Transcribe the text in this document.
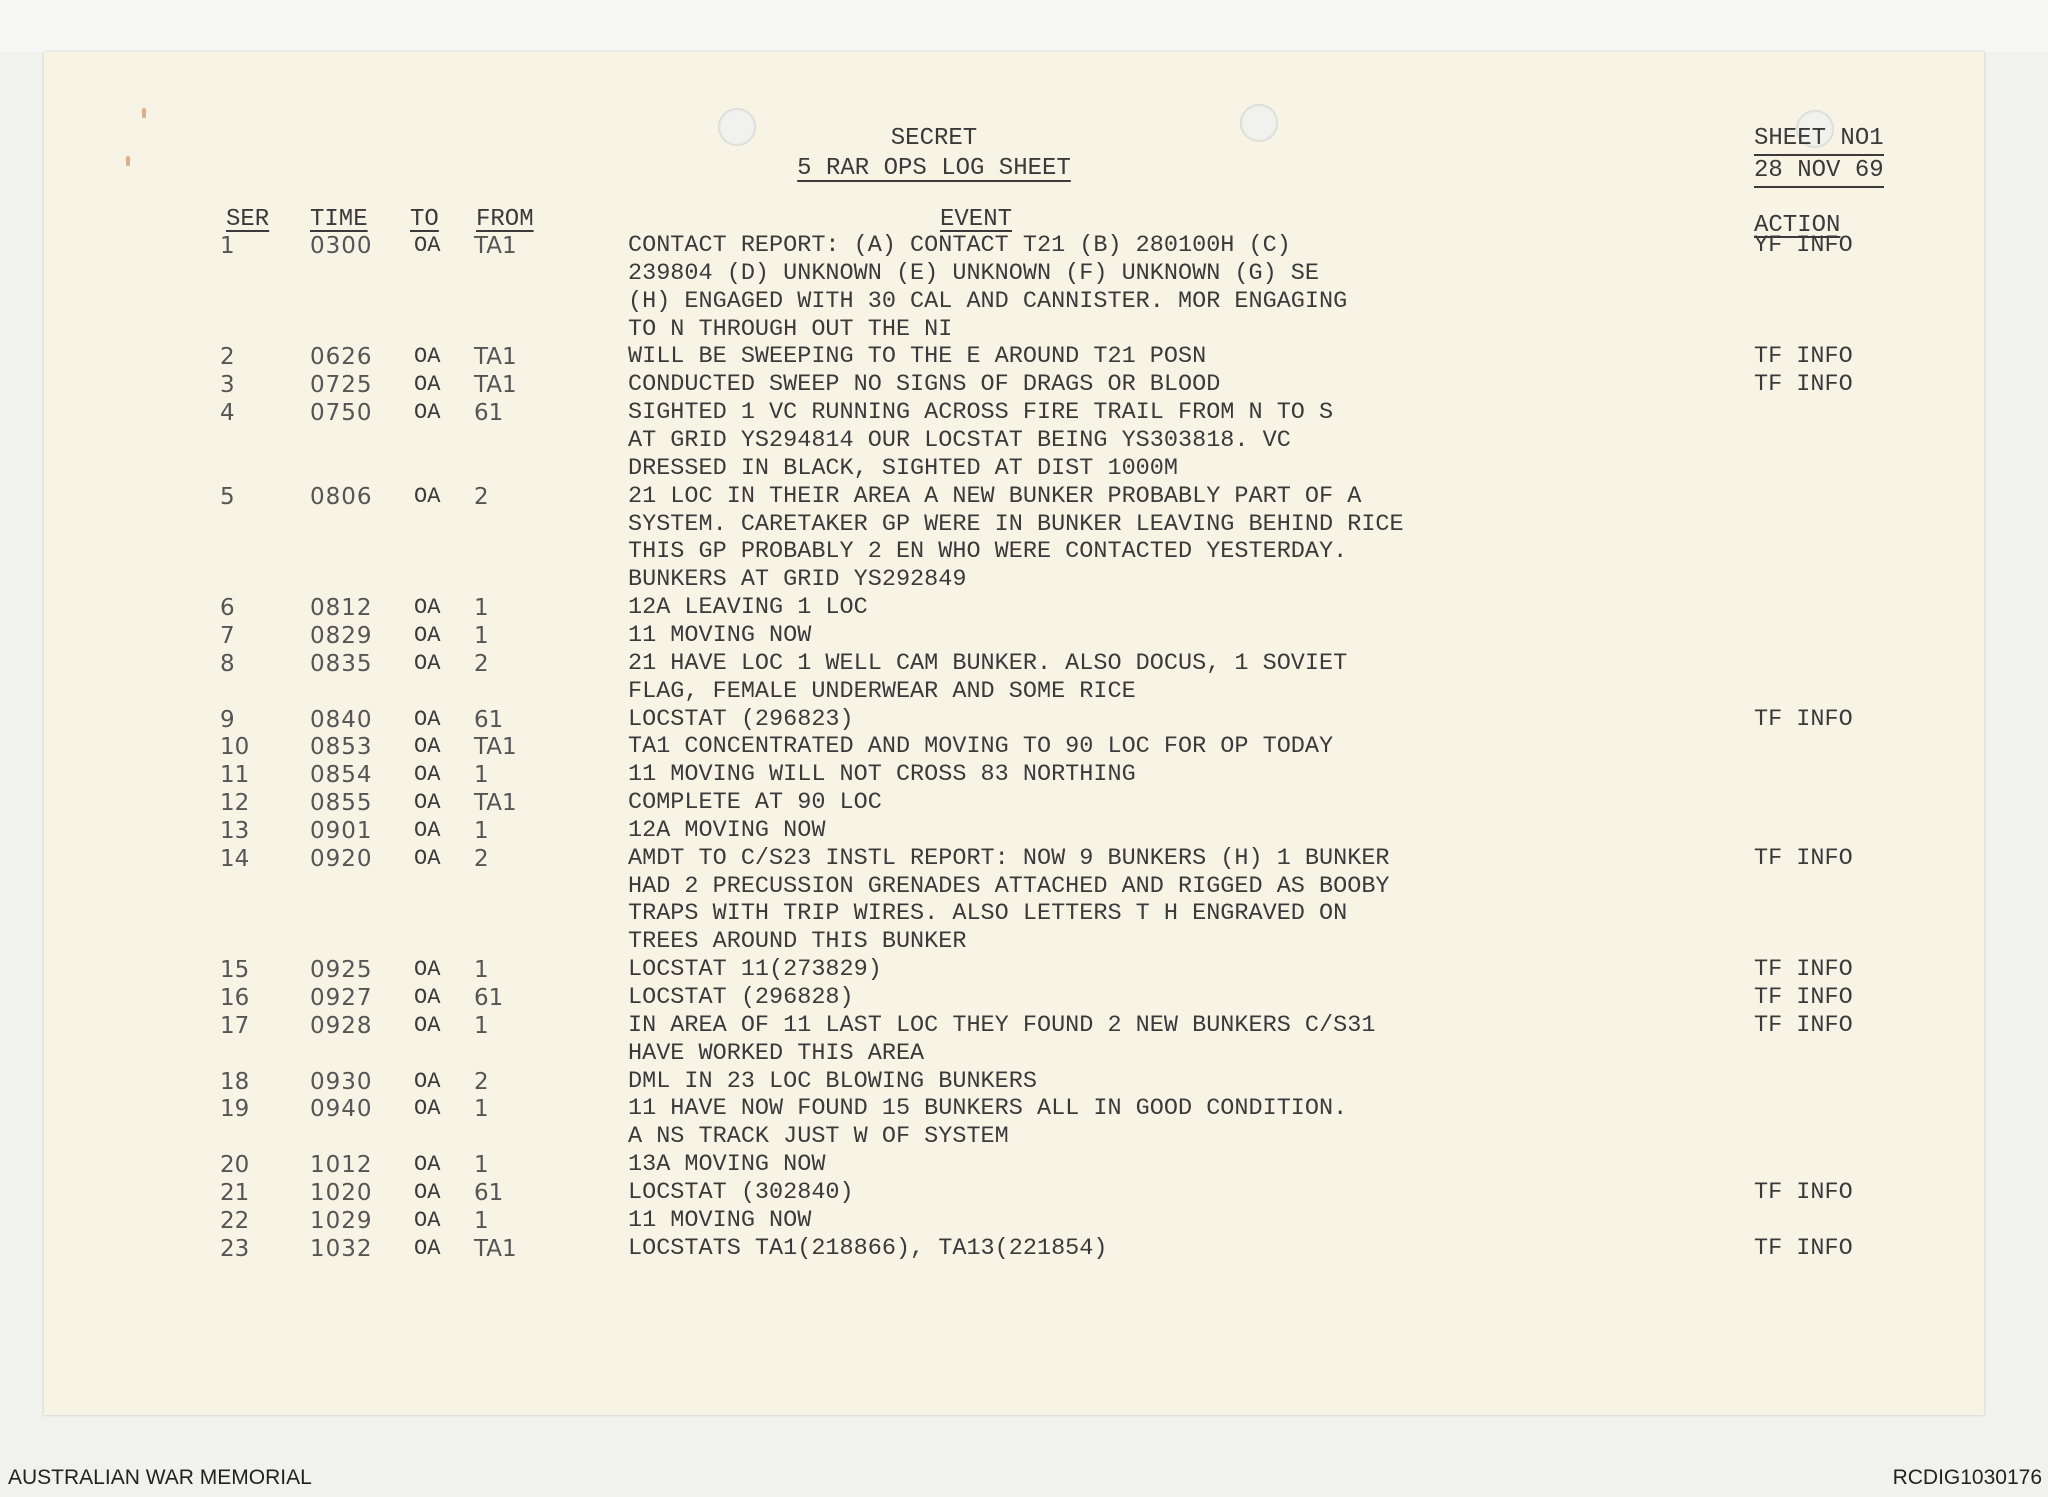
SECRET
5 RAR OPS LOG SHEET
SHEET NO1
28 NOV 69
SER TIME TO FROM	EVENT	ACTION
1	0300 OA TA1	CONTACT REPORT: (A) CONTACT T21 (B) 280100H (C)	YF INFO
239804 (D) UNKNOWN (E) UNKNOWN (F) UNKNOWN (G) SE
(H) ENGAGED WITH 30 CAL AND CANNISTER. MOR ENGAGING
TO N THROUGH OUT THE NI
2	0626 OA TA1	WILL BE SWEEPING TO THE E AROUND T21 POSN	TF INFO
3	0725 OA TA1	CONDUCTED SWEEP NO SIGNS OF DRAGS OR BLOOD	TF INFO
4	0750 OA 61	SIGHTED 1 VC RUNNING ACROSS FIRE TRAIL FROM N TO S
AT GRID YS294814 OUR LOCSTAT BEING YS303818. VC
DRESSED IN BLACK, SIGHTED AT DIST 1000M
5	0806 OA 2	21 LOC IN THEIR AREA A NEW BUNKER PROBABLY PART OF A
SYSTEM. CARETAKER GP WERE IN BUNKER LEAVING BEHIND RICE
THIS GP PROBABLY 2 EN WHO WERE CONTACTED YESTERDAY.
BUNKERS AT GRID YS292849
6	0812 OA 1	12A LEAVING 1 LOC
7	0829 OA 1	11 MOVING NOW
8	0835 OA 2	21 HAVE LOC 1 WELL CAM BUNKER. ALSO DOCUS, 1 SOVIET
FLAG, FEMALE UNDERWEAR AND SOME RICE
9	0840 OA 61	LOCSTAT (296823)	TF INFO
10	0853 OA TA1	TA1 CONCENTRATED AND MOVING TO 90 LOC FOR OP TODAY
11	0854 OA 1	11 MOVING WILL NOT CROSS 83 NORTHING
12	0855 OA TA1	COMPLETE AT 90 LOC
13	0901 OA 1	12A MOVING NOW
14	0920 OA 2	AMDT TO C/S23 INSTL REPORT: NOW 9 BUNKERS (H) 1 BUNKER	TF INFO
HAD 2 PRECUSSION GRENADES ATTACHED AND RIGGED AS BOOBY
TRAPS WITH TRIP WIRES. ALSO LETTERS T H ENGRAVED ON
TREES AROUND THIS BUNKER
15	0925 OA 1	LOCSTAT 11(273829)	TF INFO
16	0927 OA 61	LOCSTAT (296828)	TF INFO
17	0928 OA 1	IN AREA OF 11 LAST LOC THEY FOUND 2 NEW BUNKERS C/S31	TF INFO
HAVE WORKED THIS AREA
18	0930 OA 2	DML IN 23 LOC BLOWING BUNKERS
19	0940 OA 1	11 HAVE NOW FOUND 15 BUNKERS ALL IN GOOD CONDITION.
A NS TRACK JUST W OF SYSTEM
20	1012 OA 1	13A MOVING NOW
21	1020 OA 61	LOCSTAT (302840)	TF INFO
22	1029 OA 1	11 MOVING NOW
23	1032 OA TA1	LOCSTATS TA1(218866), TA13(221854)	TF INFO
AUSTRALIAN WAR MEMORIAL	RCDIG1030176
